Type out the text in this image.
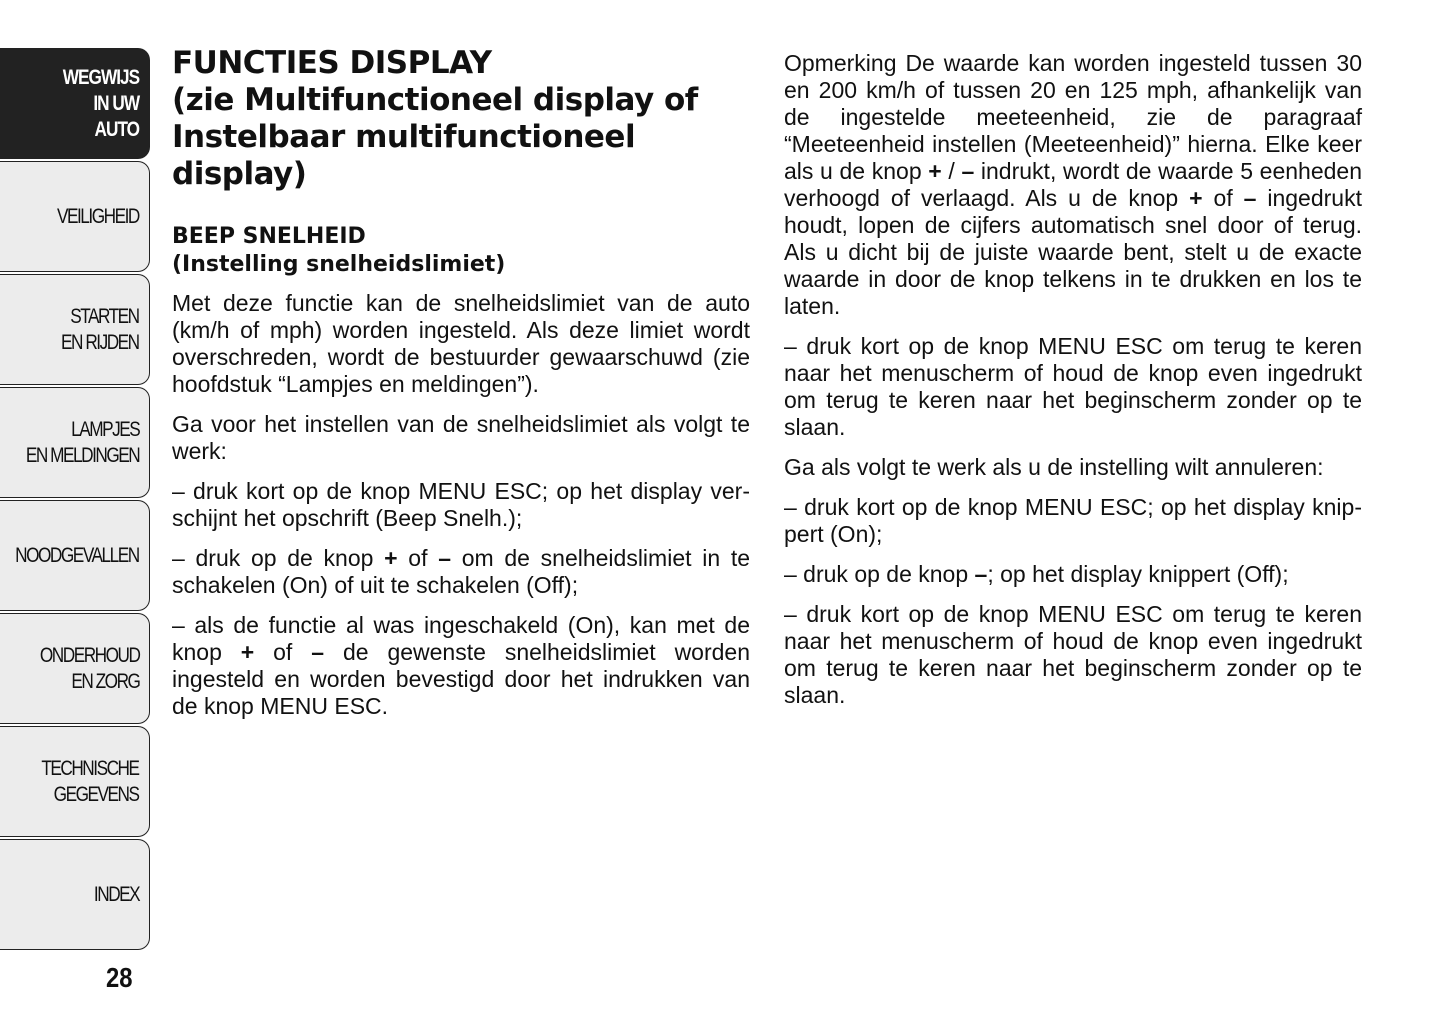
WEGWIJS
IN UW
AUTO
VEILIGHEID
STARTEN
EN RIJDEN
LAMPJES
EN MELDINGEN
NOODGEVALLEN
ONDERHOUD
EN ZORG
TECHNISCHE
GEGEVENS
INDEX
28
FUNCTIES DISPLAY
(zie Multifunctioneel display of
Instelbaar multifunctioneel display)
BEEP SNELHEID
(Instelling snelheidslimiet)

Met deze functie kan de snelheidslimiet van de auto (km/h of mph) worden ingesteld. Als deze limiet wordt overschreden, wordt de bestuurder gewaarschuwd (zie hoofdstuk “Lampjes en meldingen”).

Ga voor het instellen van de snelheidslimiet als volgt te werk:

– druk kort op de knop MENU ESC; op het display verschijnt het opschrift (Beep Snelh.);

– druk op de knop + of – om de snelheidslimiet in te schakelen (On) of uit te schakelen (Off);

– als de functie al was ingeschakeld (On), kan met de knop + of – de gewenste snelheidslimiet worden ingesteld en worden bevestigd door het indrukken van de knop MENU ESC.

Opmerking De waarde kan worden ingesteld tussen 30 en 200 km/h of tussen 20 en 125 mph, afhankelijk van de ingestelde meeteenheid, zie de paragraaf “Meeteenheid instellen (Meeteenheid)” hierna. Elke keer als u de knop + / – indrukt, wordt de waarde 5 eenheden verhoogd of verlaagd. Als u de knop + of – ingedrukt houdt, lopen de cijfers automatisch snel door of terug. Als u dicht bij de juiste waarde bent, stelt u de exacte waarde in door de knop telkens in te drukken en los te laten.

– druk kort op de knop MENU ESC om terug te keren naar het menuscherm of houd de knop even ingedrukt om terug te keren naar het beginscherm zonder op te slaan.

Ga als volgt te werk als u de instelling wilt annuleren:

– druk kort op de knop MENU ESC; op het display knippert (On);

– druk op de knop –; op het display knippert (Off);

– druk kort op de knop MENU ESC om terug te keren naar het menuscherm of houd de knop even ingedrukt om terug te keren naar het beginscherm zonder op te slaan.
